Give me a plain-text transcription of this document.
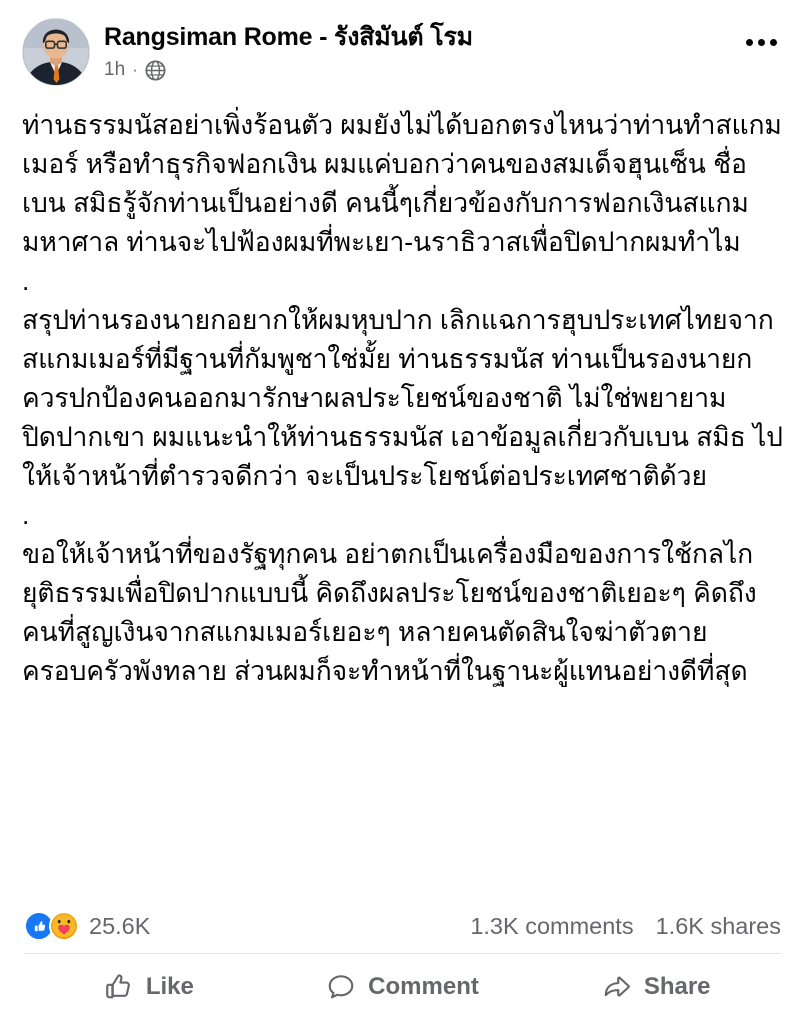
Rangsiman Rome - รังสิมันต์ โรม
1h ·

ท่านธรรมนัสอย่าเพิ่งร้อนตัว ผมยังไม่ได้บอกตรงไหนว่าท่านทำสแกมเมอร์ หรือทำธุรกิจฟอกเงิน ผมแค่บอกว่าคนของสมเด็จฮุนเซ็น ชื่อ เบน สมิธรู้จักท่านเป็นอย่างดี คนนี้ๆเกี่ยวข้องกับการฟอกเงินสแกมมหาศาล ท่านจะไปฟ้องผมที่พะเยา-นราธิวาสเพื่อปิดปากผมทำไม

.

สรุปท่านรองนายกอยากให้ผมหุบปาก เลิกแฉการฮุบประเทศไทยจากสแกมเมอร์ที่มีฐานที่กัมพูชาใช่มั้ย ท่านธรรมนัส ท่านเป็นรองนายกควรปกป้องคนออกมารักษาผลประโยชน์ของชาติ ไม่ใช่พยายามปิดปากเขา ผมแนะนำให้ท่านธรรมนัส เอาข้อมูลเกี่ยวกับเบน สมิธ ไปให้เจ้าหน้าที่ตำรวจดีกว่า จะเป็นประโยชน์ต่อประเทศชาติด้วย

.

ขอให้เจ้าหน้าที่ของรัฐทุกคน อย่าตกเป็นเครื่องมือของการใช้กลไกยุติธรรมเพื่อปิดปากแบบนี้ คิดถึงผลประโยชน์ของชาติเยอะๆ คิดถึงคนที่สูญเงินจากสแกมเมอร์เยอะๆ หลายคนตัดสินใจฆ่าตัวตาย ครอบครัวพังทลาย ส่วนผมก็จะทำหน้าที่ในฐานะผู้แทนอย่างดีที่สุด

25.6K	1.3K comments 1.6K shares
Like	Comment	Share
